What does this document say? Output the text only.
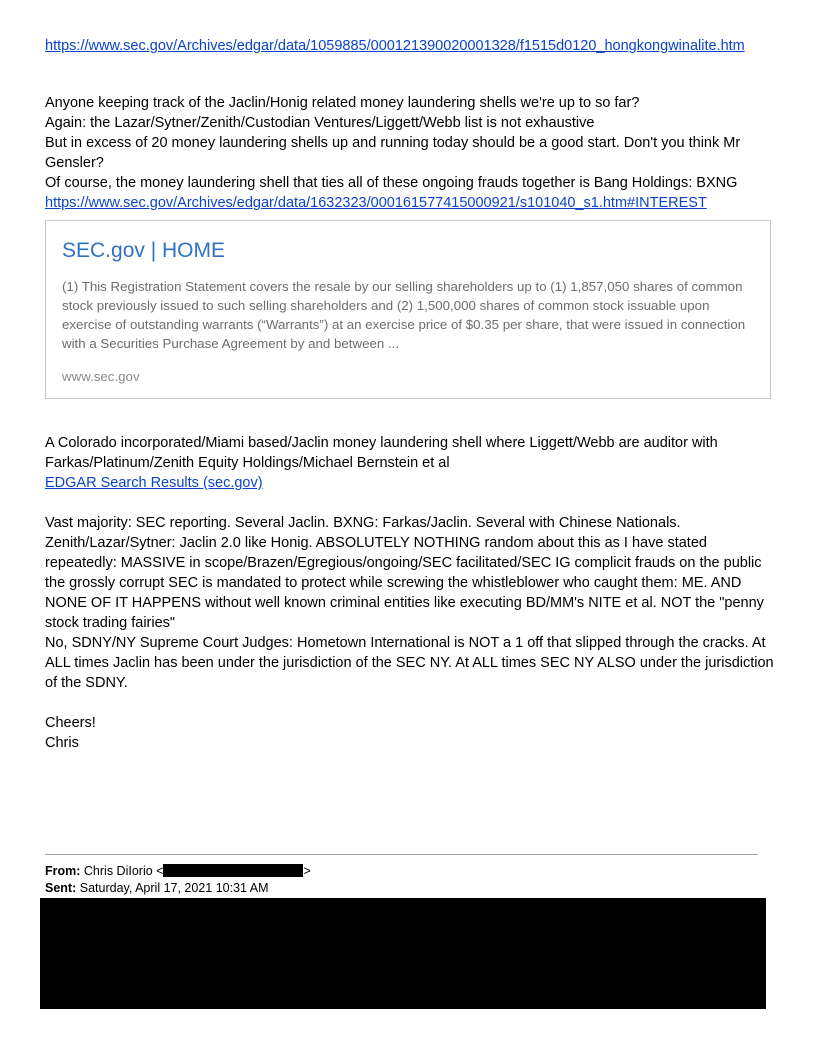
https://www.sec.gov/Archives/edgar/data/1059885/000121390020001328/f1515d0120_hongkongwinalite.htm
Anyone keeping track of the Jaclin/Honig related money laundering shells we're up to so far?
Again: the Lazar/Sytner/Zenith/Custodian Ventures/Liggett/Webb list is not exhaustive
But in excess of 20 money laundering shells up and running today should be a good start. Don't you think Mr Gensler?
Of course, the money laundering shell that ties all of these ongoing frauds together is Bang Holdings: BXNG
https://www.sec.gov/Archives/edgar/data/1632323/000161577415000921/s101040_s1.htm#INTEREST
SEC.gov | HOME
(1) This Registration Statement covers the resale by our selling shareholders up to (1) 1,857,050 shares of common stock previously issued to such selling shareholders and (2) 1,500,000 shares of common stock issuable upon exercise of outstanding warrants (“Warrants”) at an exercise price of $0.35 per share, that were issued in connection with a Securities Purchase Agreement by and between ...
www.sec.gov
A Colorado incorporated/Miami based/Jaclin money laundering shell where Liggett/Webb are auditor with Farkas/Platinum/Zenith Equity Holdings/Michael Bernstein et al
EDGAR Search Results (sec.gov)
Vast majority: SEC reporting. Several Jaclin. BXNG: Farkas/Jaclin. Several with Chinese Nationals. Zenith/Lazar/Sytner: Jaclin 2.0 like Honig. ABSOLUTELY NOTHING random about this as I have stated repeatedly: MASSIVE in scope/Brazen/Egregious/ongoing/SEC facilitated/SEC IG complicit frauds on the public the grossly corrupt SEC is mandated to protect while screwing the whistleblower who caught them: ME. AND NONE OF IT HAPPENS without well known criminal entities like executing BD/MM's NITE et al. NOT the "penny stock trading fairies"
No, SDNY/NY Supreme Court Judges: Hometown International is NOT a 1 off that slipped through the cracks. At ALL times Jaclin has been under the jurisdiction of the SEC NY. At ALL times SEC NY ALSO under the jurisdiction of the SDNY.
Cheers!
Chris
From: Chris DiIorio <	>
Sent: Saturday, April 17, 2021 10:31 AM
